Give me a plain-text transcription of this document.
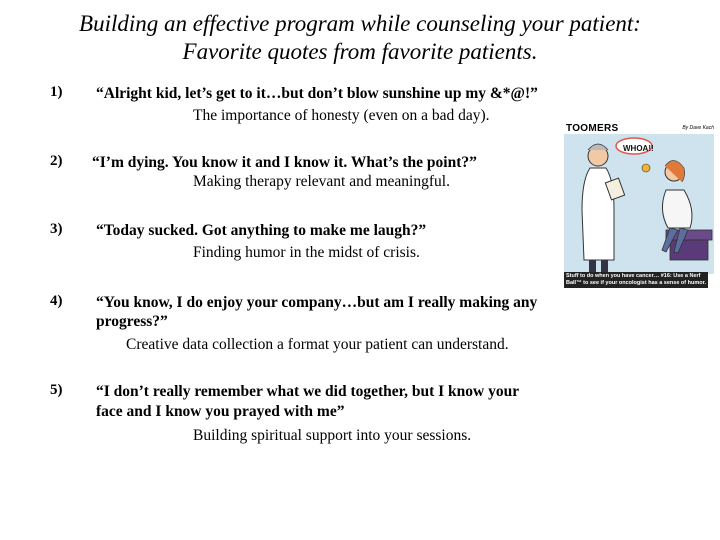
Building an effective program while counseling your patient:
Favorite quotes from favorite patients.
1) “Alright kid, let’s get to it…but don’t blow sunshine up my &*@!”
The importance of honesty (even on a bad day).
2) “I’m dying. You know it and I know it. What’s the point?”
Making therapy relevant and meaningful.
3) “Today sucked. Got anything to make me laugh?”
Finding humor in the midst of crisis.
4) “You know, I do enjoy your company…but am I really making any
progress?”
Creative data collection a format your patient can understand.
5) “I don’t really remember what we did together, but I know your
face and I know you prayed with me”
Building spiritual support into your sessions.
TOOMERS	By Dave Kach
WHOA!!
Stuff to do when you have cancer… #16: Use a Nerf Ball™ to see if your oncologist has a sense of humor.
